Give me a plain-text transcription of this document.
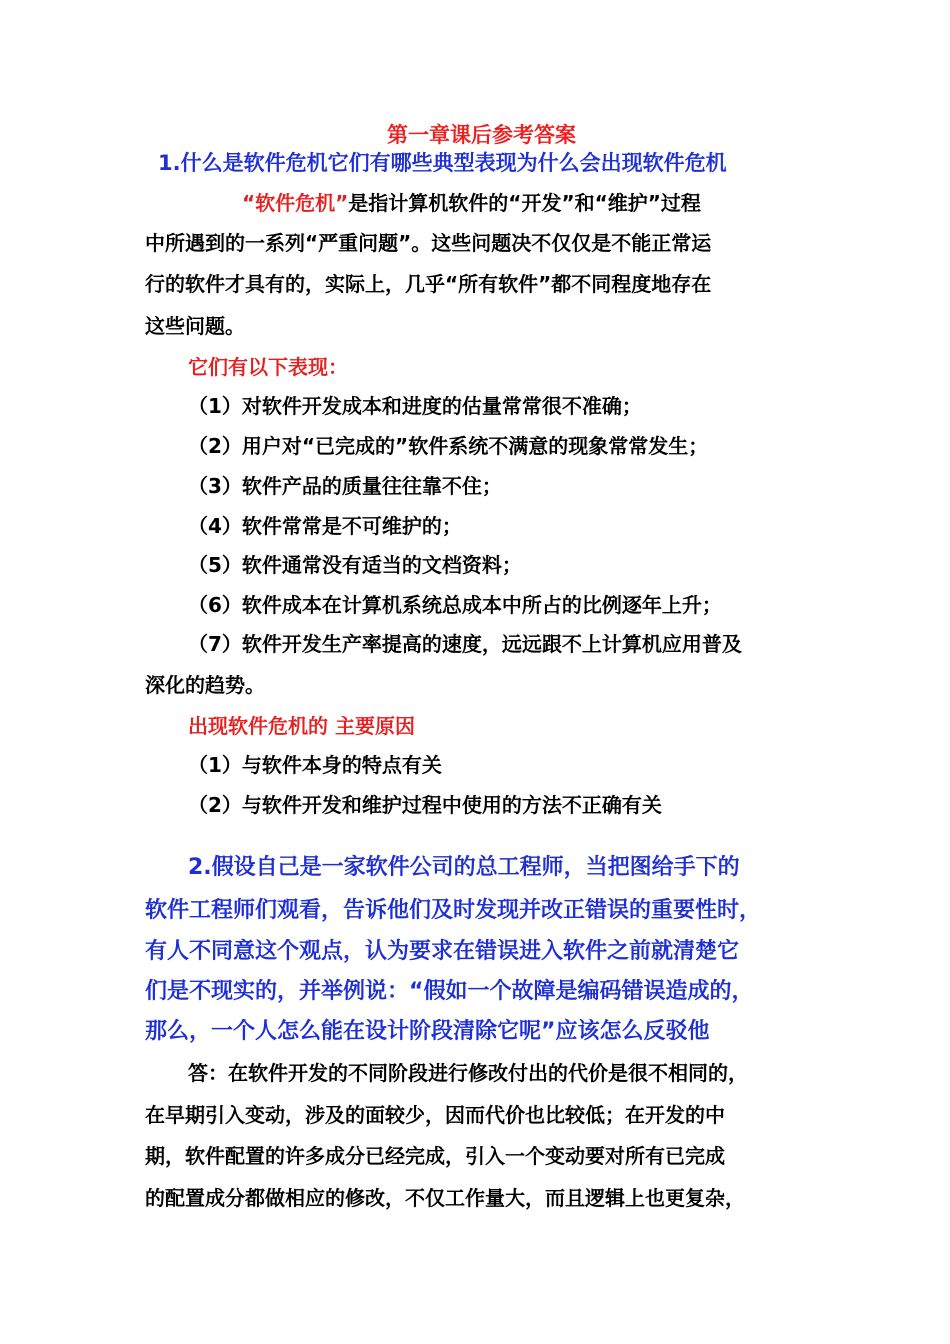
第一章课后参考答案
1.什么是软件危机它们有哪些典型表现为什么会出现软件危机
“软件危机”是指计算机软件的“开发”和“维护”过程
中所遇到的一系列“严重问题”。这些问题决不仅仅是不能正常运
行的软件才具有的，实际上，几乎“所有软件”都不同程度地存在
这些问题。
它们有以下表现：
（1）对软件开发成本和进度的估量常常很不准确；
（2）用户对“已完成的”软件系统不满意的现象常常发生；
（3）软件产品的质量往往靠不住；
（4）软件常常是不可维护的；
（5）软件通常没有适当的文档资料；
（6）软件成本在计算机系统总成本中所占的比例逐年上升；
（7）软件开发生产率提高的速度，远远跟不上计算机应用普及
深化的趋势。
出现软件危机的 主要原因
（1）与软件本身的特点有关
（2）与软件开发和维护过程中使用的方法不正确有关
2.假设自己是一家软件公司的总工程师，当把图给手下的
软件工程师们观看，告诉他们及时发现并改正错误的重要性时，
有人不同意这个观点，认为要求在错误进入软件之前就清楚它
们是不现实的，并举例说：“假如一个故障是编码错误造成的，
那么，一个人怎么能在设计阶段清除它呢”应该怎么反驳他
答：在软件开发的不同阶段进行修改付出的代价是很不相同的，
在早期引入变动，涉及的面较少，因而代价也比较低；在开发的中
期，软件配置的许多成分已经完成，引入一个变动要对所有已完成
的配置成分都做相应的修改，不仅工作量大，而且逻辑上也更复杂，
